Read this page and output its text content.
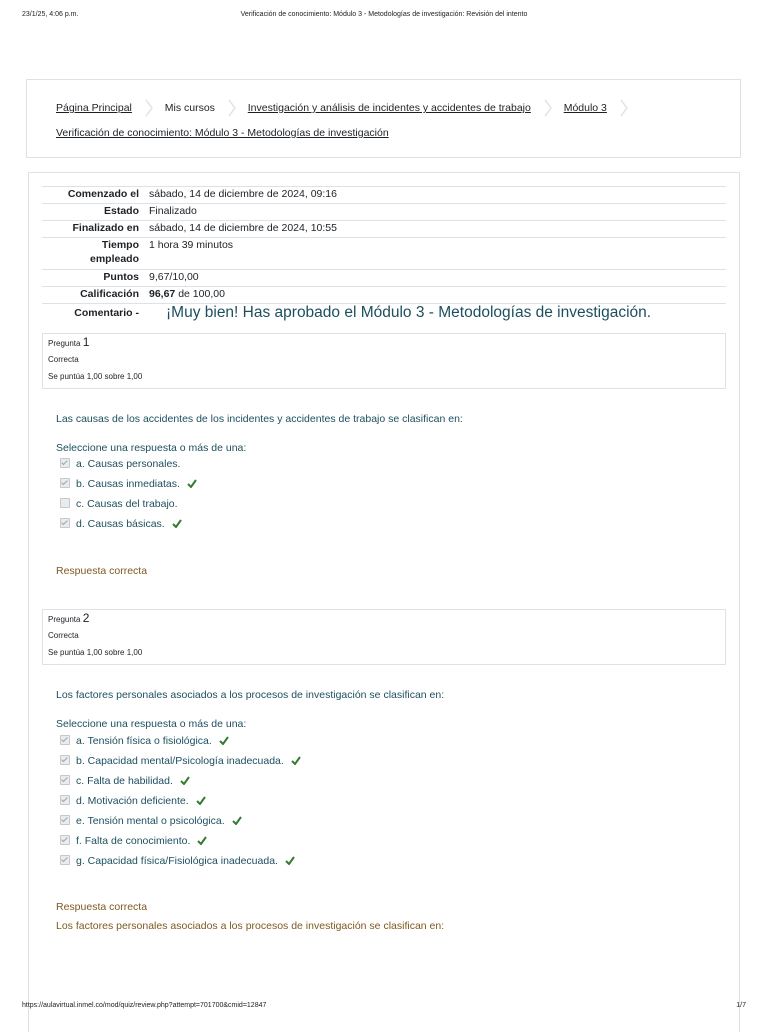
23/1/25, 4:06 p.m.	Verificación de conocimiento: Módulo 3 - Metodologías de investigación: Revisión del intento
Página Principal	Mis cursos	Investigación y análisis de incidentes y accidentes de trabajo	Módulo 3
Verificación de conocimiento: Módulo 3 - Metodologías de investigación
Comenzado el sábado, 14 de diciembre de 2024, 09:16
Estado Finalizado
Finalizado en sábado, 14 de diciembre de 2024, 10:55
Tiempo
empleado
1 hora 39 minutos
Puntos 9,67/10,00
Calificación 96,67 de 100,00
Comentario - ¡Muy bien! Has aprobado el Módulo 3 - Metodologías de investigación.
Pregunta 1
Correcta
Se puntúa 1,00 sobre 1,00
Las causas de los accidentes de los incidentes y accidentes de trabajo se clasifican en:
Seleccione una respuesta o más de una:
a. Causas personales.
b. Causas inmediatas.
c. Causas del trabajo.
d. Causas básicas.
Respuesta correcta
Pregunta 2
Correcta
Se puntúa 1,00 sobre 1,00
Los factores personales asociados a los procesos de investigación se clasifican en:
Seleccione una respuesta o más de una:
a. Tensión física o fisiológica.
b. Capacidad mental/Psicología inadecuada.
c. Falta de habilidad.
d. Motivación deficiente.
e. Tensión mental o psicológica.
f. Falta de conocimiento.
g. Capacidad física/Fisiológica inadecuada.
Respuesta correcta
Los factores personales asociados a los procesos de investigación se clasifican en:
https://aulavirtual.inmel.co/mod/quiz/review.php?attempt=701700&cmid=12847	1/7
